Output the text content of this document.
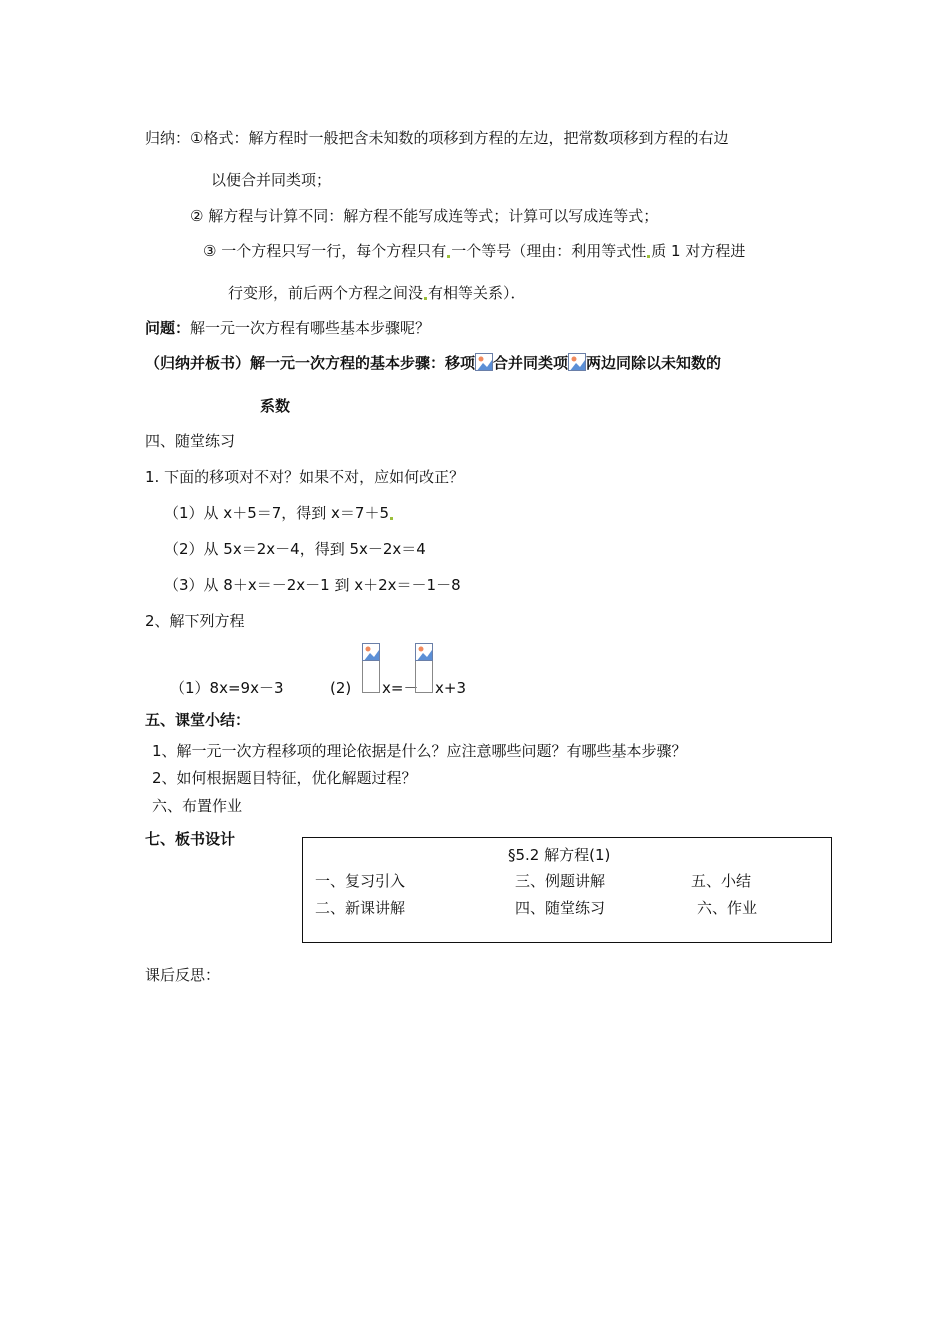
归纳：①格式：解方程时一般把含未知数的项移到方程的左边，把常数项移到方程的右边
以便合并同类项；
② 解方程与计算不同：解方程不能写成连等式；计算可以写成连等式；
③ 一个方程只写一行，每个方程只有 一个等号（理由：利用等式性 质 1 对方程进
行变形，前后两个方程之间没 有相等关系）．
问题：解一元一次方程有哪些基本步骤呢？
（归纳并板书）解一元一次方程的基本步骤：移项 合并同类项 两边同除以未知数的
系数
四、随堂练习
1. 下面的移项对不对？如果不对，应如何改正？
（1）从 x＋5＝7，得到 x＝7＋5
（2）从 5x＝2x－4，得到 5x－2x＝4
（3）从 8＋x＝－2x－1 到 x＋2x＝－1－8
2、解下列方程
（1）8x=9x－3	(2) x=－ x+3
五、课堂小结：
1、解一元一次方程移项的理论依据是什么？应注意哪些问题？有哪些基本步骤？
2、如何根据题目特征，优化解题过程？
六、布置作业
七、板书设计
§5.2 解方程(1)
一、复习引入	三、例题讲解	五、小结
二、新课讲解	四、随堂练习	六、作业
课后反思：
